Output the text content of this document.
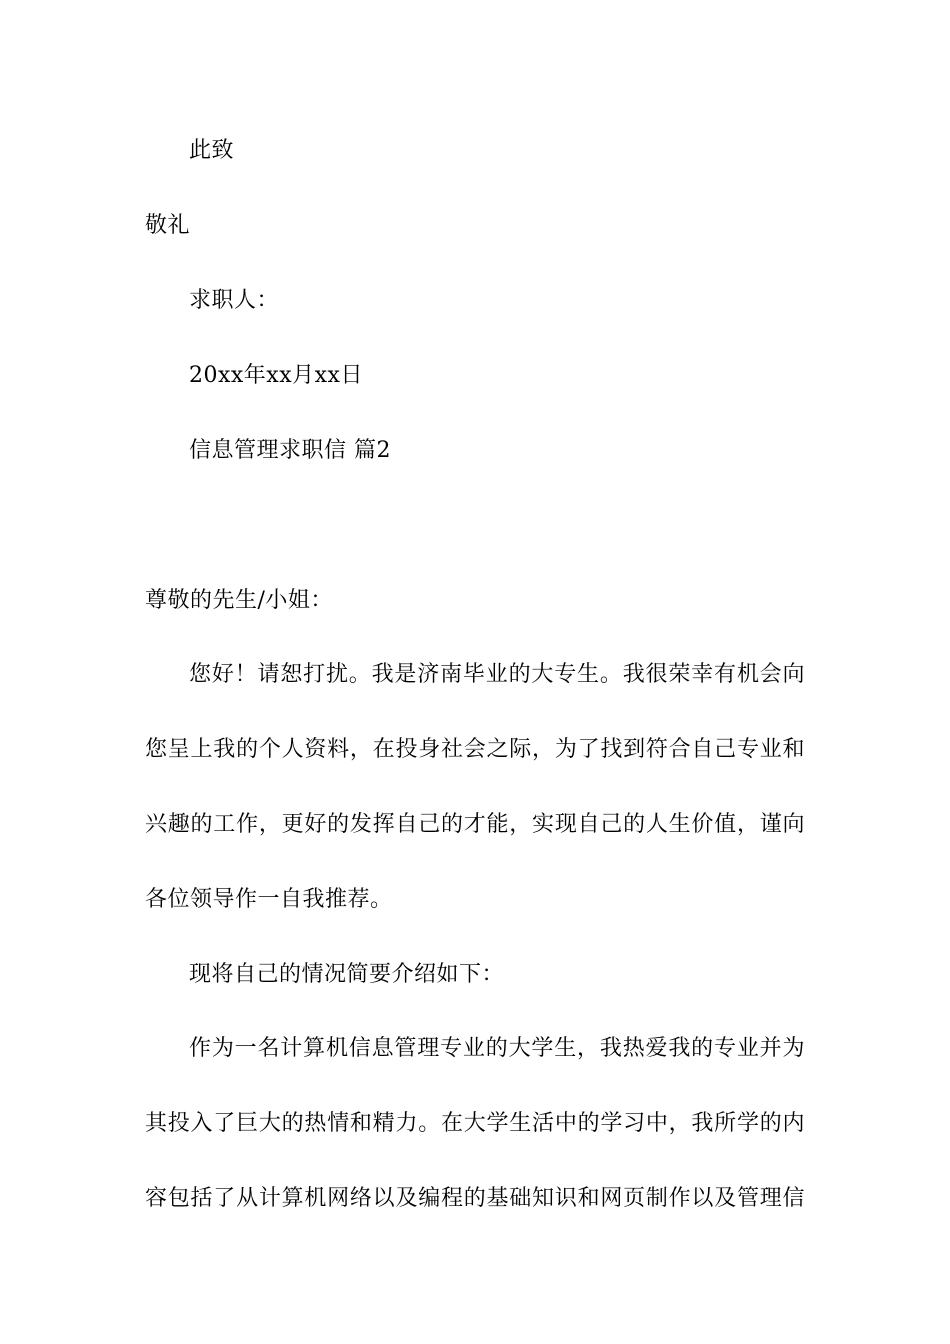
此致
敬礼
求职人：
20xx年xx月xx日
信息管理求职信 篇2
尊敬的先生/小姐：
您好！请恕打扰。我是济南毕业的大专生。我很荣幸有机会向
您呈上我的个人资料，在投身社会之际，为了找到符合自己专业和
兴趣的工作，更好的发挥自己的才能，实现自己的人生价值，谨向
各位领导作一自我推荐。
现将自己的情况简要介绍如下：
作为一名计算机信息管理专业的大学生，我热爱我的专业并为
其投入了巨大的热情和精力。在大学生活中的学习中，我所学的内
容包括了从计算机网络以及编程的基础知识和网页制作以及管理信
